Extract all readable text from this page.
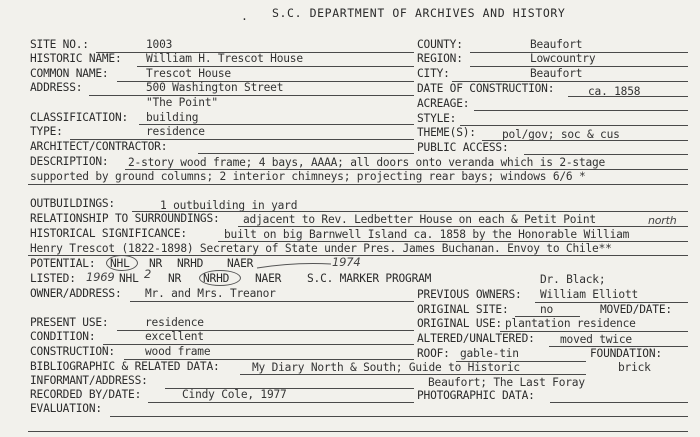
. S.C. DEPARTMENT OF ARCHIVES AND HISTORY
SITE NO.:	1003
HISTORIC NAME: William H. Trescot House
COMMON NAME:	Trescot House
ADDRESS:	500 Washington Street
"The Point"
CLASSIFICATION: building
TYPE:	residence
ARCHITECT/CONTRACTOR:
COUNTY:	Beaufort
REGION:	Lowcountry
CITY:	Beaufort
DATE OF CONSTRUCTION:	ca. 1858
ACREAGE:
STYLE:
THEME(S): pol/gov; soc & cus
PUBLIC ACCESS:
DESCRIPTION: 2-story wood frame; 4 bays, AAAA; all doors onto veranda which is 2-stage
supported by ground columns; 2 interior chimneys; projecting rear bays; windows 6/6 *
OUTBUILDINGS:	1 outbuilding in yard
RELATIONSHIP TO SURROUNDINGS: adjacent to Rev. Ledbetter House on each & Petit Point	north
HISTORICAL SIGNIFICANCE:	built on big Barnwell Island ca. 1858 by the Honorable William
Henry Trescot (1822-1898) Secretary of State under Pres. James Buchanan. Envoy to Chile**
POTENTIAL: NHL NR NRHD NAER	1974
LISTED: 1969 NHL 2 NR NRHD NAER S.C. MARKER PROGRAM	Dr. Black;
OWNER/ADDRESS: Mr. and Mrs. Treanor	PREVIOUS OWNERS: William Elliott
ORIGINAL SITE:	no	MOVED/DATE:
PRESENT USE:	residence	ORIGINAL USE: plantation residence
CONDITION:	excellent	ALTERED/UNALTERED: moved twice
CONSTRUCTION:	wood frame	ROOF: gable-tin	FOUNDATION:
brick
BIBLIOGRAPHIC & RELATED DATA:	My Diary North & South; Guide to Historic
INFORMANT/ADDRESS:	Beaufort; The Last Foray
RECORDED BY/DATE:	Cindy Cole, 1977	PHOTOGRAPHIC DATA:
EVALUATION:
